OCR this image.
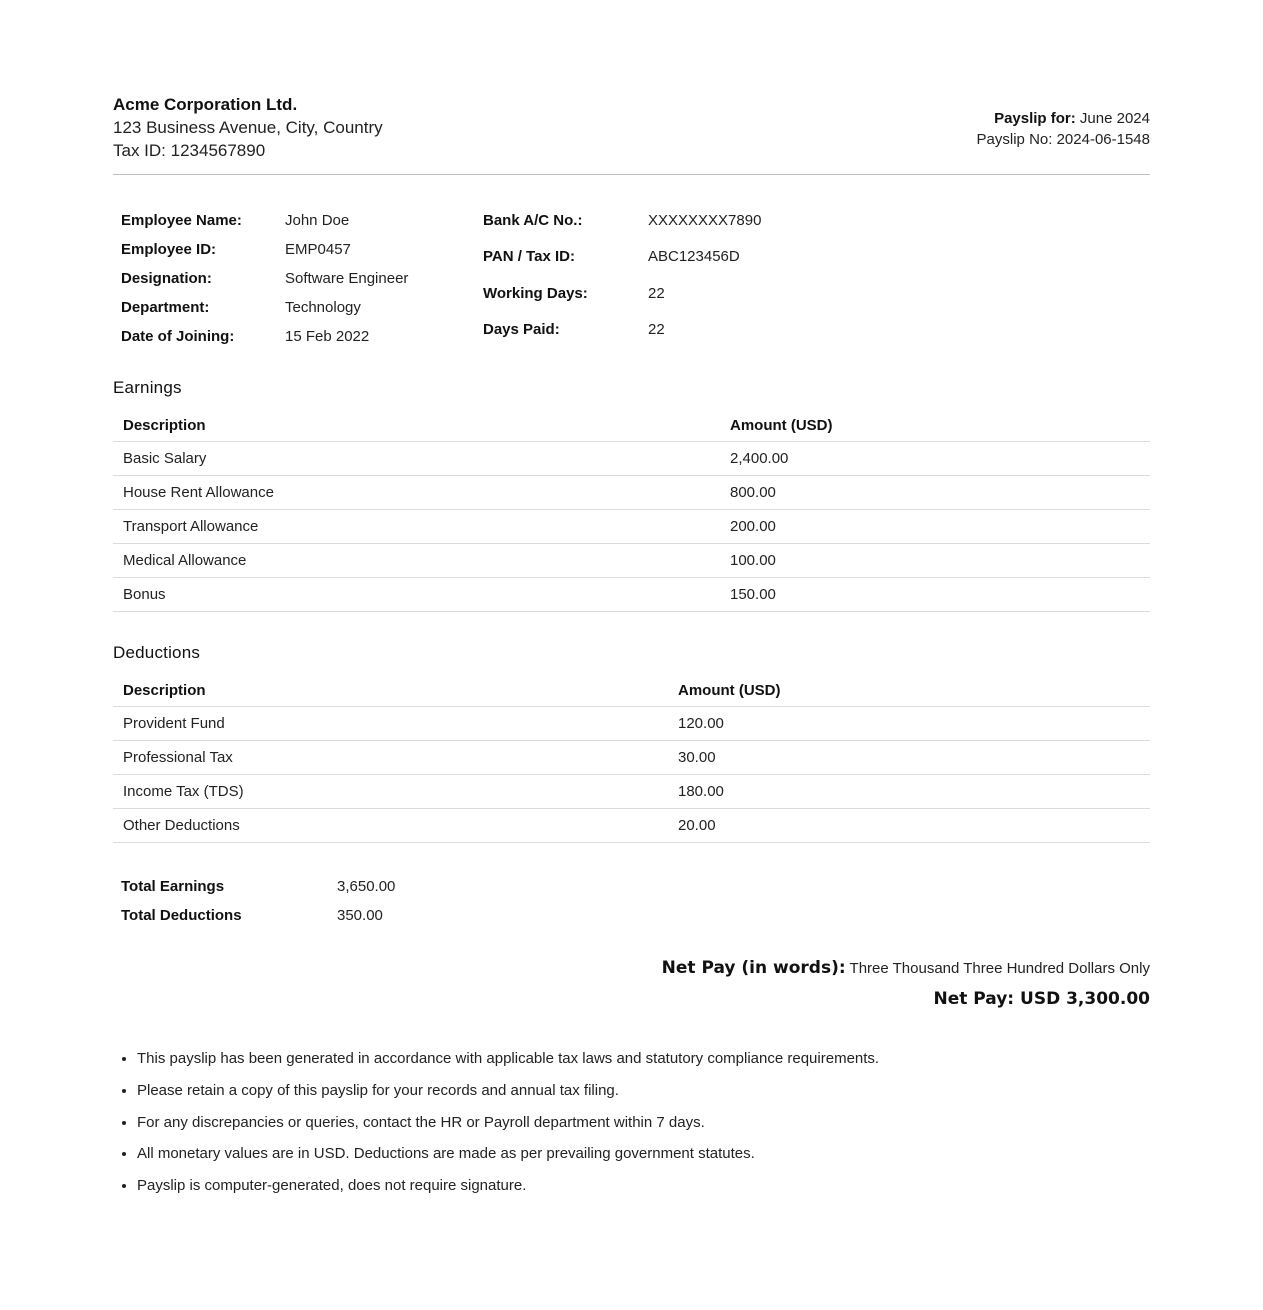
Acme Corporation Ltd.
123 Business Avenue, City, Country
Tax ID: 1234567890
Payslip for: June 2024
Payslip No: 2024-06-1548
Employee Name:	John Doe
Employee ID:	EMP0457
Designation:	Software Engineer
Department:	Technology
Date of Joining:	15 Feb 2022
Bank A/C No.:	XXXXXXXX7890
PAN / Tax ID:	ABC123456D
Working Days:	22
Days Paid:	22
Earnings
Description	Amount (USD)
Basic Salary	2,400.00
House Rent Allowance	800.00
Transport Allowance	200.00
Medical Allowance	100.00
Bonus	150.00
Deductions
Description	Amount (USD)
Provident Fund	120.00
Professional Tax	30.00
Income Tax (TDS)	180.00
Other Deductions	20.00
Total Earnings	3,650.00
Total Deductions	350.00
Net Pay (in words): Three Thousand Three Hundred Dollars Only
Net Pay: USD 3,300.00
• This payslip has been generated in accordance with applicable tax laws and statutory compliance requirements.
• Please retain a copy of this payslip for your records and annual tax filing.
• For any discrepancies or queries, contact the HR or Payroll department within 7 days.
• All monetary values are in USD. Deductions are made as per prevailing government statutes.
• Payslip is computer-generated, does not require signature.
